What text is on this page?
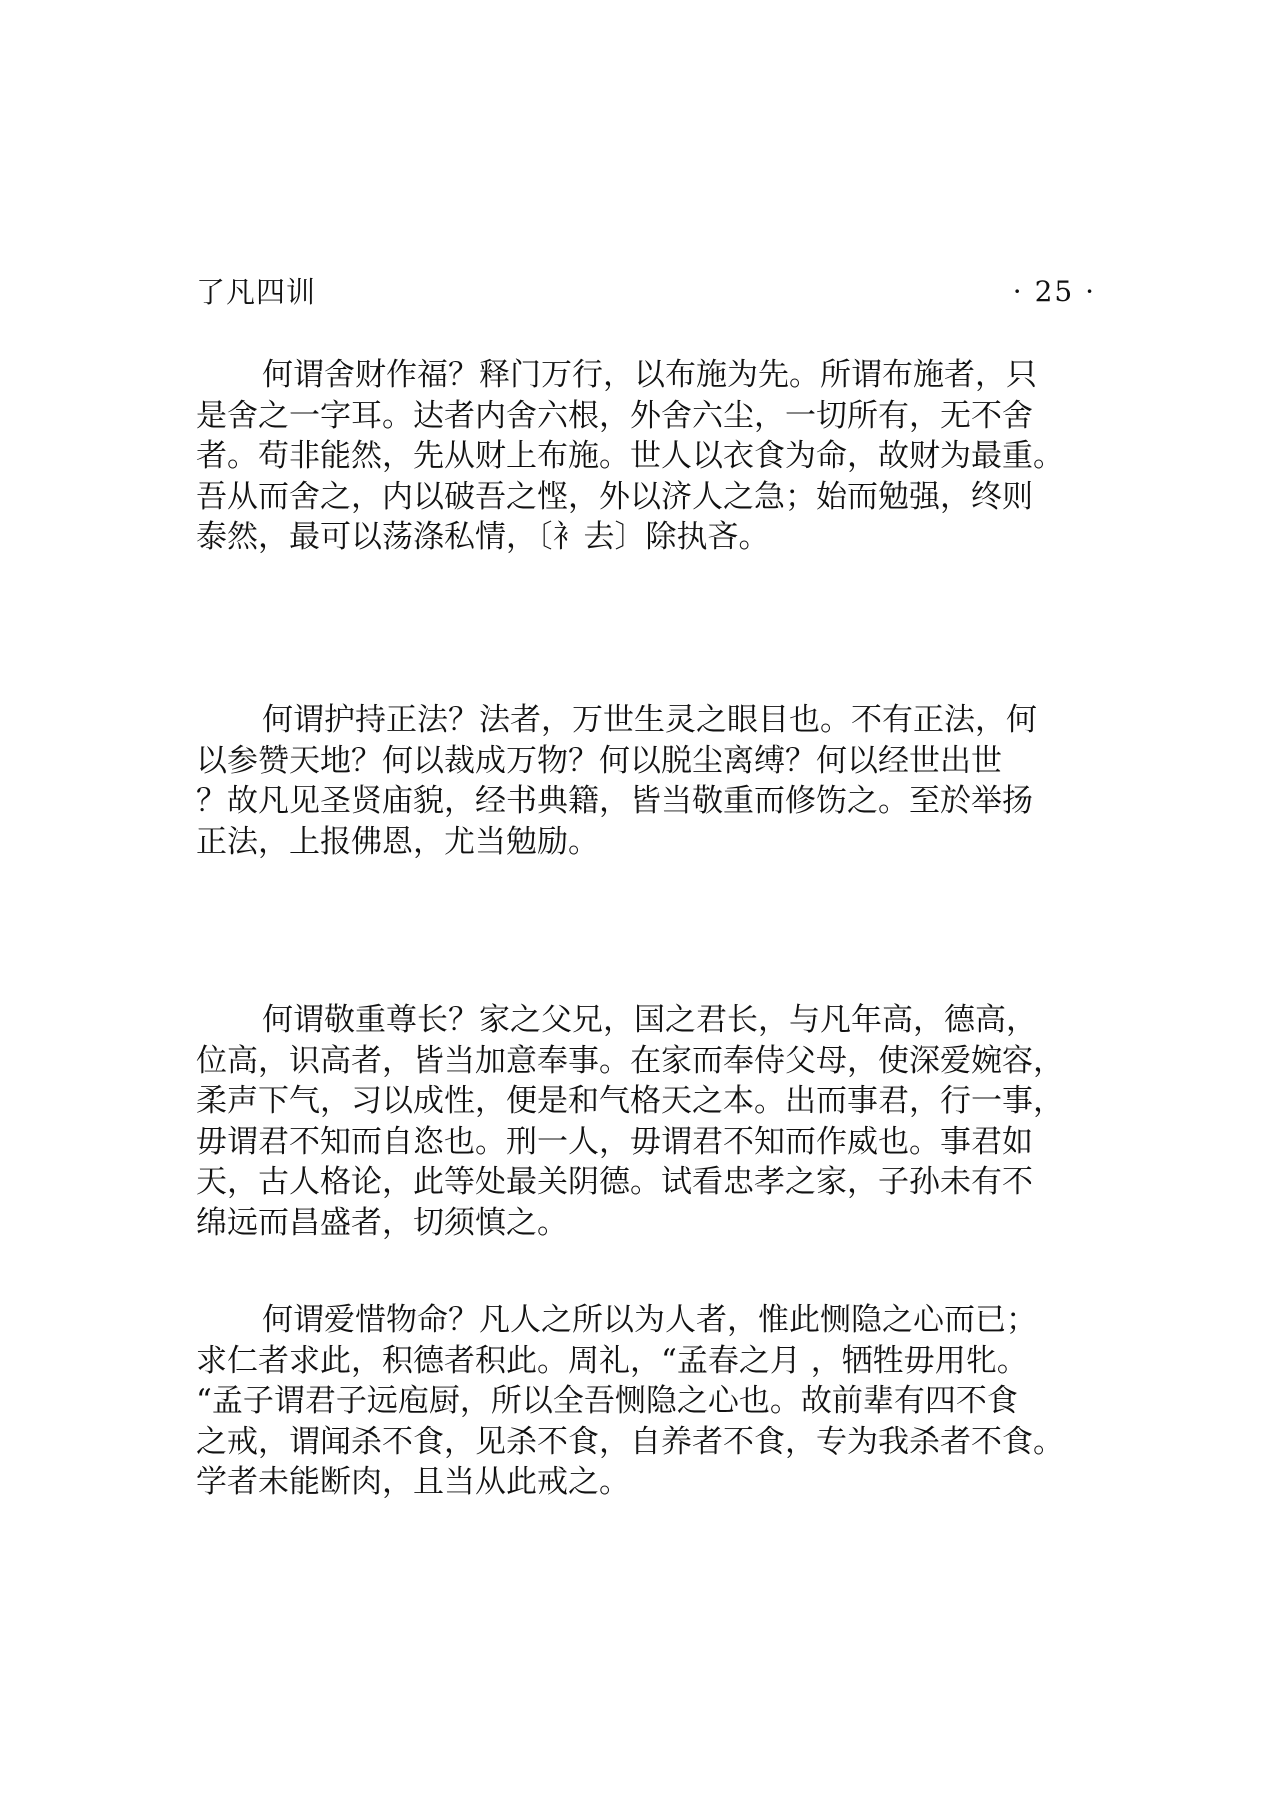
了凡四训	· 25 ·
何谓舍财作福？释门万行，以布施为先。所谓布施者，只
是舍之一字耳。达者内舍六根，外舍六尘，一切所有，无不舍
者。苟非能然，先从财上布施。世人以衣食为命，故财为最重。
吾从而舍之，内以破吾之悭，外以济人之急；始而勉强，终则
泰然，最可以荡涤私情，〔衤去〕除执吝。
何谓护持正法？法者，万世生灵之眼目也。不有正法，何
以参赞天地？何以裁成万物？何以脱尘离缚？何以经世出世
？故凡见圣贤庙貌，经书典籍，皆当敬重而修饬之。至於举扬
正法，上报佛恩，尤当勉励。
何谓敬重尊长？家之父兄，国之君长，与凡年高，德高，
位高，识高者，皆当加意奉事。在家而奉侍父母，使深爱婉容，
柔声下气，习以成性，便是和气格天之本。出而事君，行一事，
毋谓君不知而自恣也。刑一人，毋谓君不知而作威也。事君如
天，古人格论，此等处最关阴德。试看忠孝之家，子孙未有不
绵远而昌盛者，切须慎之。
何谓爱惜物命？凡人之所以为人者，惟此恻隐之心而已；
求仁者求此，积德者积此。周礼，“孟春之月 ，牺牲毋用牝。
“孟子谓君子远庖厨，所以全吾恻隐之心也。故前辈有四不食
之戒，谓闻杀不食，见杀不食，自养者不食，专为我杀者不食。
学者未能断肉，且当从此戒之。
